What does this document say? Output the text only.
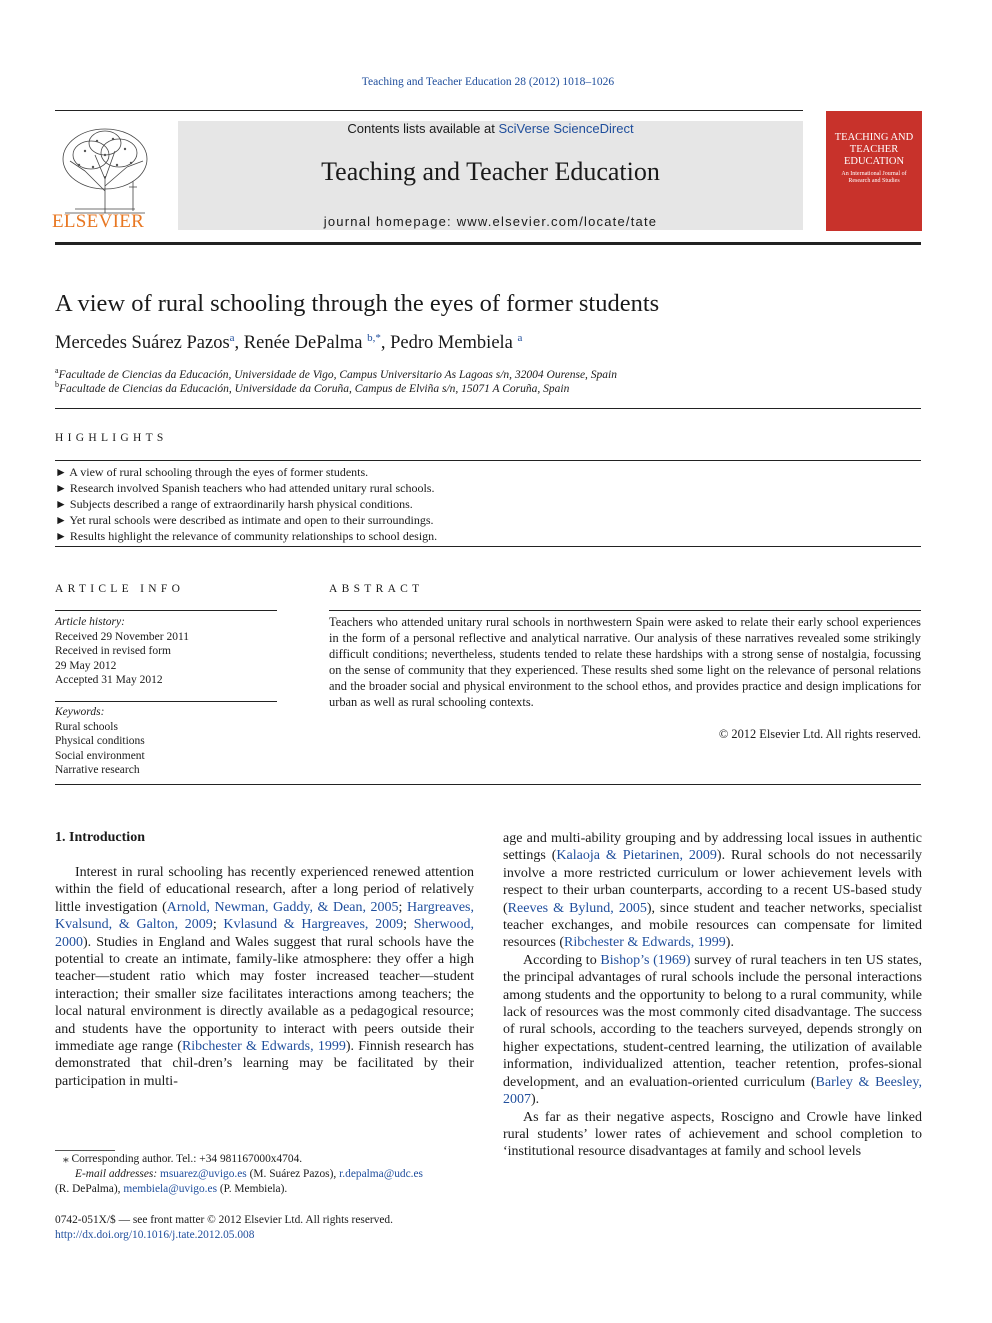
Teaching and Teacher Education 28 (2012) 1018–1026
ELSEVIER
Contents lists available at SciVerse ScienceDirect
Teaching and Teacher Education
journal homepage: www.elsevier.com/locate/tate
TEACHING AND TEACHER EDUCATION
An International Journal of Research and Studies
A view of rural schooling through the eyes of former students
Mercedes Suárez Pazos$^a$, Renée DePalma $^{b,*}$, Pedro Membiela $^a$
$^a$Facultade de Ciencias da Educación, Universidade de Vigo, Campus Universitario As Lagoas s/n, 32004 Ourense, Spain
$^b$Facultade de Ciencias da Educación, Universidade da Coruña, Campus de Elviña s/n, 15071 A Coruña, Spain
HIGHLIGHTS
► A view of rural schooling through the eyes of former students.
► Research involved Spanish teachers who had attended unitary rural schools.
► Subjects described a range of extraordinarily harsh physical conditions.
► Yet rural schools were described as intimate and open to their surroundings.
► Results highlight the relevance of community relationships to school design.
ARTICLE INFO
Article history:
Received 29 November 2011
Received in revised form
29 May 2012
Accepted 31 May 2012
Keywords:
Rural schools
Physical conditions
Social environment
Narrative research
ABSTRACT
Teachers who attended unitary rural schools in northwestern Spain were asked to relate their early school experiences in the form of a personal reflective and analytical narrative. Our analysis of these narratives revealed some strikingly difficult conditions; nevertheless, students tended to relate these hardships with a strong sense of nostalgia, focussing on the sense of community that they experienced. These results shed some light on the relevance of personal relations and the broader social and physical environment to the school ethos, and provides practice and design implications for urban as well as rural schooling contexts.
© 2012 Elsevier Ltd. All rights reserved.
1. Introduction

Interest in rural schooling has recently experienced renewed attention within the field of educational research, after a long period of relatively little investigation (Arnold, Newman, Gaddy, & Dean, 2005; Hargreaves, Kvalsund, & Galton, 2009; Kvlasund & Hargreaves, 2009; Sherwood, 2000). Studies in England and Wales suggest that rural schools have the potential to create an intimate, family-like atmosphere: they offer a high teacher—student ratio which may foster increased teacher—student interaction; their smaller size facilitates interactions among teachers; the local natural environment is directly available as a pedagogical resource; and students have the opportunity to interact with peers outside their immediate age range (Ribchester & Edwards, 1999). Finnish research has demonstrated that chil-dren’s learning may be facilitated by their participation in multi-

age and multi-ability grouping and by addressing local issues in authentic settings (Kalaoja & Pietarinen, 2009). Rural schools do not necessarily involve a more restricted curriculum or lower achievement levels with respect to their urban counterparts, according to a recent US-based study (Reeves & Bylund, 2005), since student and teacher networks, specialist teacher exchanges, and mobile resources can compensate for limited resources (Ribchester & Edwards, 1999).

According to Bishop’s (1969) survey of rural teachers in ten US states, the principal advantages of rural schools include the personal interactions among students and the opportunity to belong to a rural community, while lack of resources was the most commonly cited disadvantage. The success of rural schools, according to the teachers surveyed, depends strongly on higher expectations, student-centred learning, the utilization of available information, individualized attention, teacher retention, profes-sional development, and an evaluation-oriented curriculum (Barley & Beesley, 2007).

As far as their negative aspects, Roscigno and Crowle have linked rural students’ lower rates of achievement and school completion to ‘institutional resource disadvantages at family and school levels

⁎ Corresponding author. Tel.: +34 981167000x4704.
E-mail addresses: msuarez@uvigo.es (M. Suárez Pazos), r.depalma@udc.es
(R. DePalma), membiela@uvigo.es (P. Membiela).
0742-051X/$ — see front matter © 2012 Elsevier Ltd. All rights reserved.
http://dx.doi.org/10.1016/j.tate.2012.05.008
